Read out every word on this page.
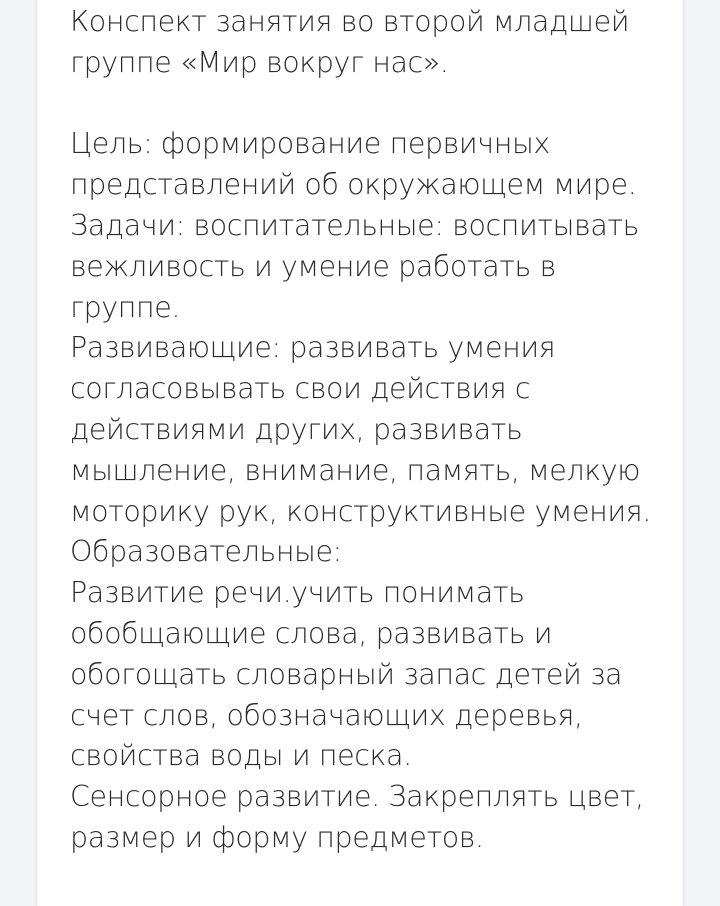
Конспект занятия во второй младшей
группе «Мир вокруг нас».
Цель: формирование первичных
представлений об окружающем мире.
Задачи: воспитательные: воспитывать
вежливость и умение работать в
группе.
Развивающие: развивать умения
согласовывать свои действия с
действиями других, развивать
мышление, внимание, память, мелкую
моторику рук, конструктивные умения.
Образовательные:
Развитие речи.учить понимать
обобщающие слова, развивать и
обогощать словарный запас детей за
счет слов, обозначающих деревья,
свойства воды и песка.
Сенсорное развитие. Закреплять цвет,
размер и форму предметов.
